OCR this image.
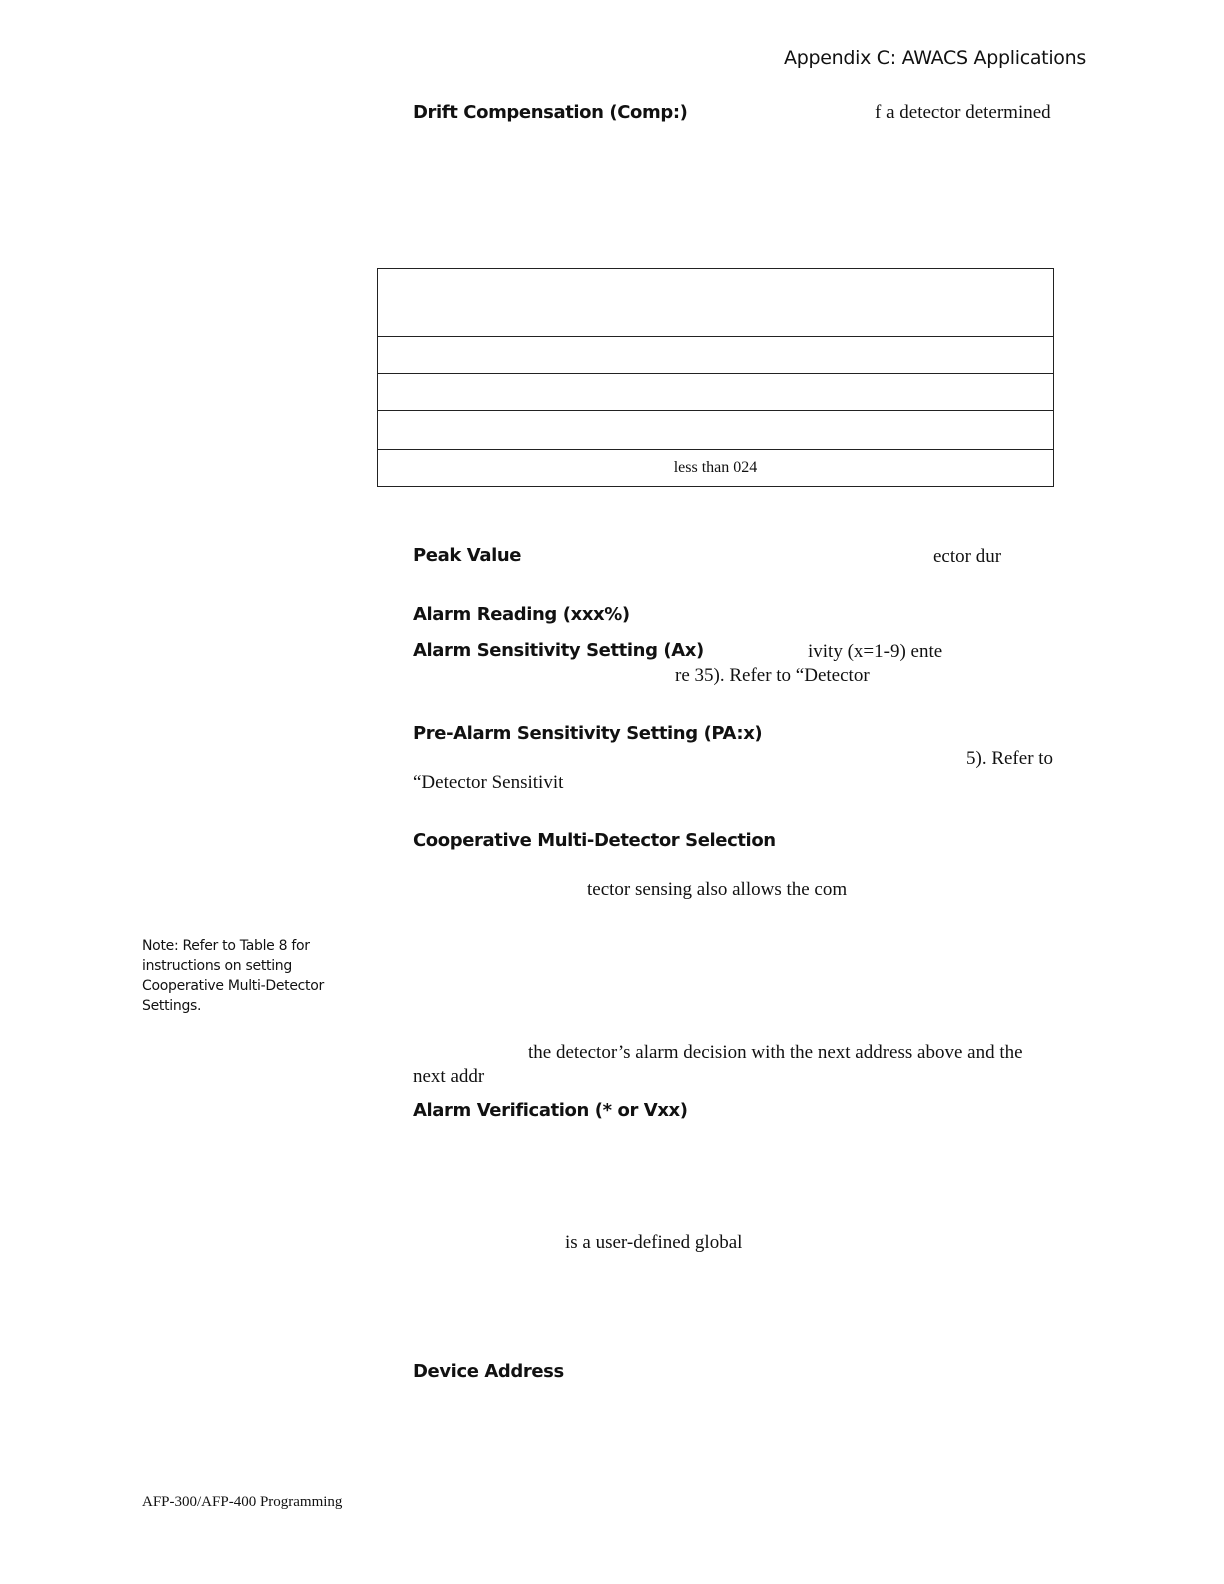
Appendix C: AWACS Applications
Drift Compensation (Comp:)	f a detector determined

less than 024
Peak Value	ector dur
Alarm Reading (xxx%)
Alarm Sensitivity Setting (Ax)	ivity (x=1-9) ente
re 35). Refer to “Detector
Pre-Alarm Sensitivity Setting (PA:x)
5). Refer to
“Detector Sensitivit
Cooperative Multi-Detector Selection
tector sensing also allows the com
Note: Refer to Table 8 for instructions on setting Cooperative Multi-Detector Settings.
the detector’s alarm decision with the next address above and the
next addr
Alarm Verification (* or Vxx)
is a user-defined global
Device Address
AFP-300/AFP-400 Programming
